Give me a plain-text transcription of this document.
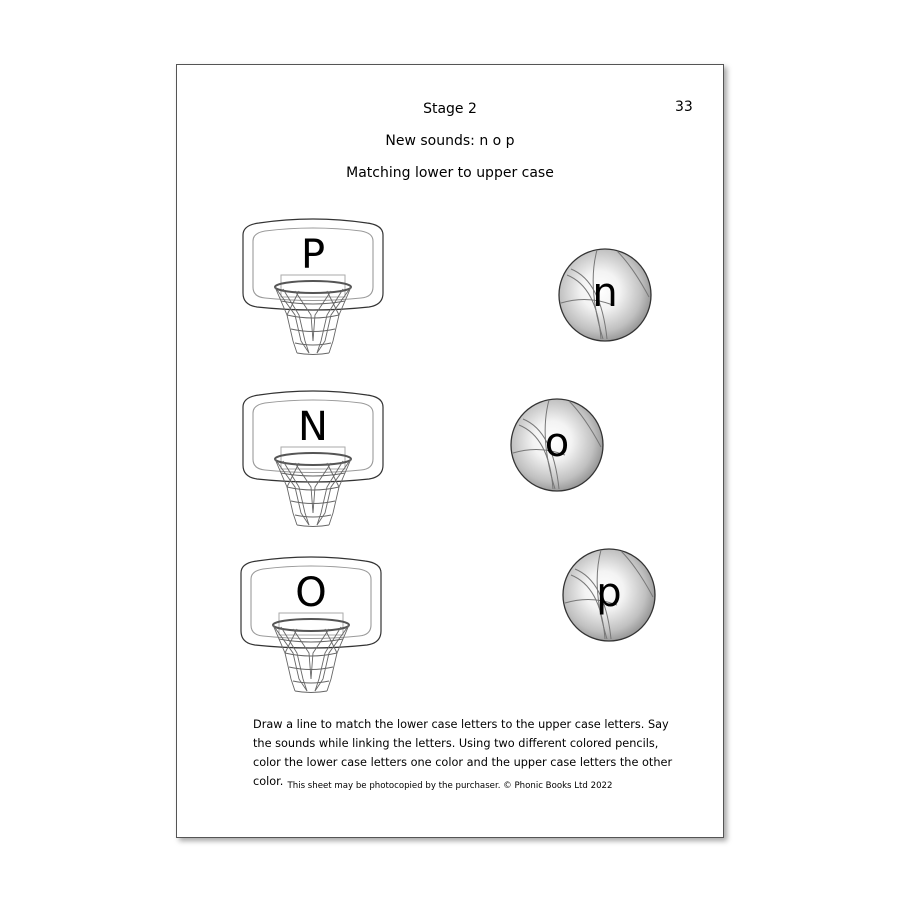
Stage 2	33
New sounds: n o p
Matching lower to upper case
P
N
O
n
o
p
Draw a line to match the lower case letters to the upper case letters. Say the sounds while linking the letters. Using two different colored pencils, color the lower case letters one color and the upper case letters the other color. This sheet may be photocopied by the purchaser. © Phonic Books Ltd 2022
